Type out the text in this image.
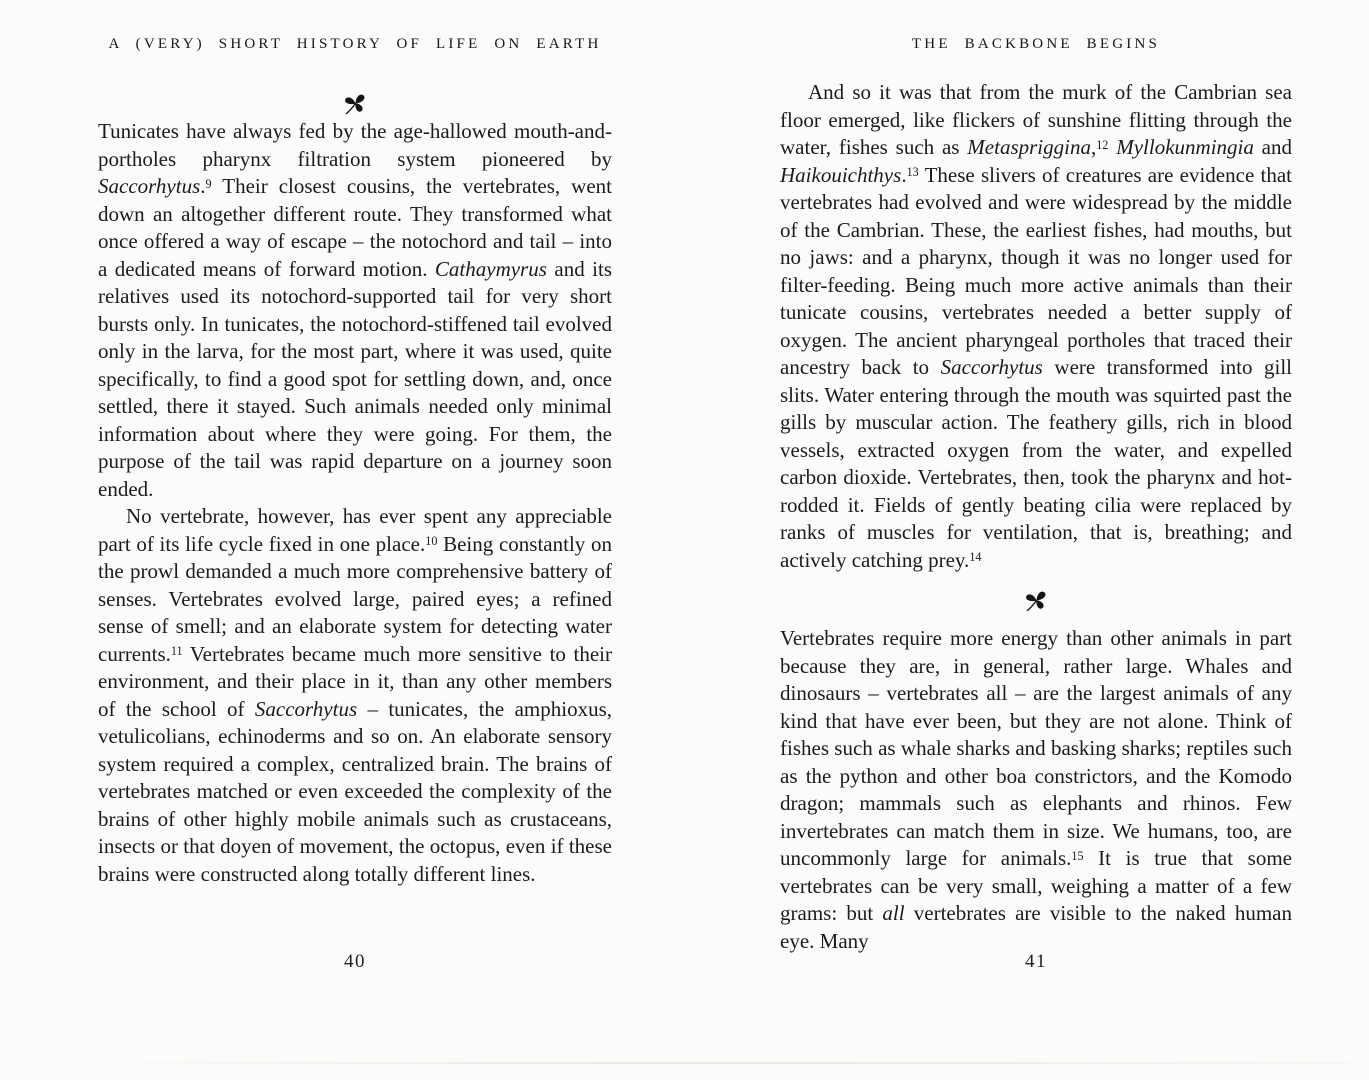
A (VERY) SHORT HISTORY OF LIFE ON EARTH

Tunicates have always fed by the age-hallowed mouth-and-portholes pharynx filtration system pioneered by Saccorhytus.$^9$ Their closest cousins, the vertebrates, went down an altogether different route. They transformed what once offered a way of escape – the notochord and tail – into a dedicated means of forward motion. Cathaymyrus and its relatives used its notochord-supported tail for very short bursts only. In tunicates, the notochord-stiffened tail evolved only in the larva, for the most part, where it was used, quite specifically, to find a good spot for settling down, and, once settled, there it stayed. Such animals needed only minimal information about where they were going. For them, the purpose of the tail was rapid departure on a journey soon ended.

No vertebrate, however, has ever spent any appreciable part of its life cycle fixed in one place.$^{10}$ Being constantly on the prowl demanded a much more comprehensive battery of senses. Vertebrates evolved large, paired eyes; a refined sense of smell; and an elaborate system for detecting water currents.$^{11}$ Vertebrates became much more sensitive to their environment, and their place in it, than any other members of the school of Saccorhytus – tunicates, the amphioxus, vetulicolians, echinoderms and so on. An elaborate sensory system required a complex, centralized brain. The brains of vertebrates matched or even exceeded the complexity of the brains of other highly mobile animals such as crustaceans, insects or that doyen of movement, the octopus, even if these brains were constructed along totally different lines.

40
THE BACKBONE BEGINS

And so it was that from the murk of the Cambrian sea floor emerged, like flickers of sunshine flitting through the water, fishes such as Metaspriggina,$^{12}$ Myllokunmingia and Haikouichthys.$^{13}$ These slivers of creatures are evidence that vertebrates had evolved and were widespread by the middle of the Cambrian. These, the earliest fishes, had mouths, but no jaws: and a pharynx, though it was no longer used for filter-feeding. Being much more active animals than their tunicate cousins, vertebrates needed a better supply of oxygen. The ancient pharyngeal portholes that traced their ancestry back to Saccorhytus were transformed into gill slits. Water entering through the mouth was squirted past the gills by muscular action. The feathery gills, rich in blood vessels, extracted oxygen from the water, and expelled carbon dioxide. Vertebrates, then, took the pharynx and hot-rodded it. Fields of gently beating cilia were replaced by ranks of muscles for ventilation, that is, breathing; and actively catching prey.$^{14}$

Vertebrates require more energy than other animals in part because they are, in general, rather large. Whales and dinosaurs – vertebrates all – are the largest animals of any kind that have ever been, but they are not alone. Think of fishes such as whale sharks and basking sharks; reptiles such as the python and other boa constrictors, and the Komodo dragon; mammals such as elephants and rhinos. Few invertebrates can match them in size. We humans, too, are uncommonly large for animals.$^{15}$ It is true that some vertebrates can be very small, weighing a matter of a few grams: but all vertebrates are visible to the naked human eye. Many

41
